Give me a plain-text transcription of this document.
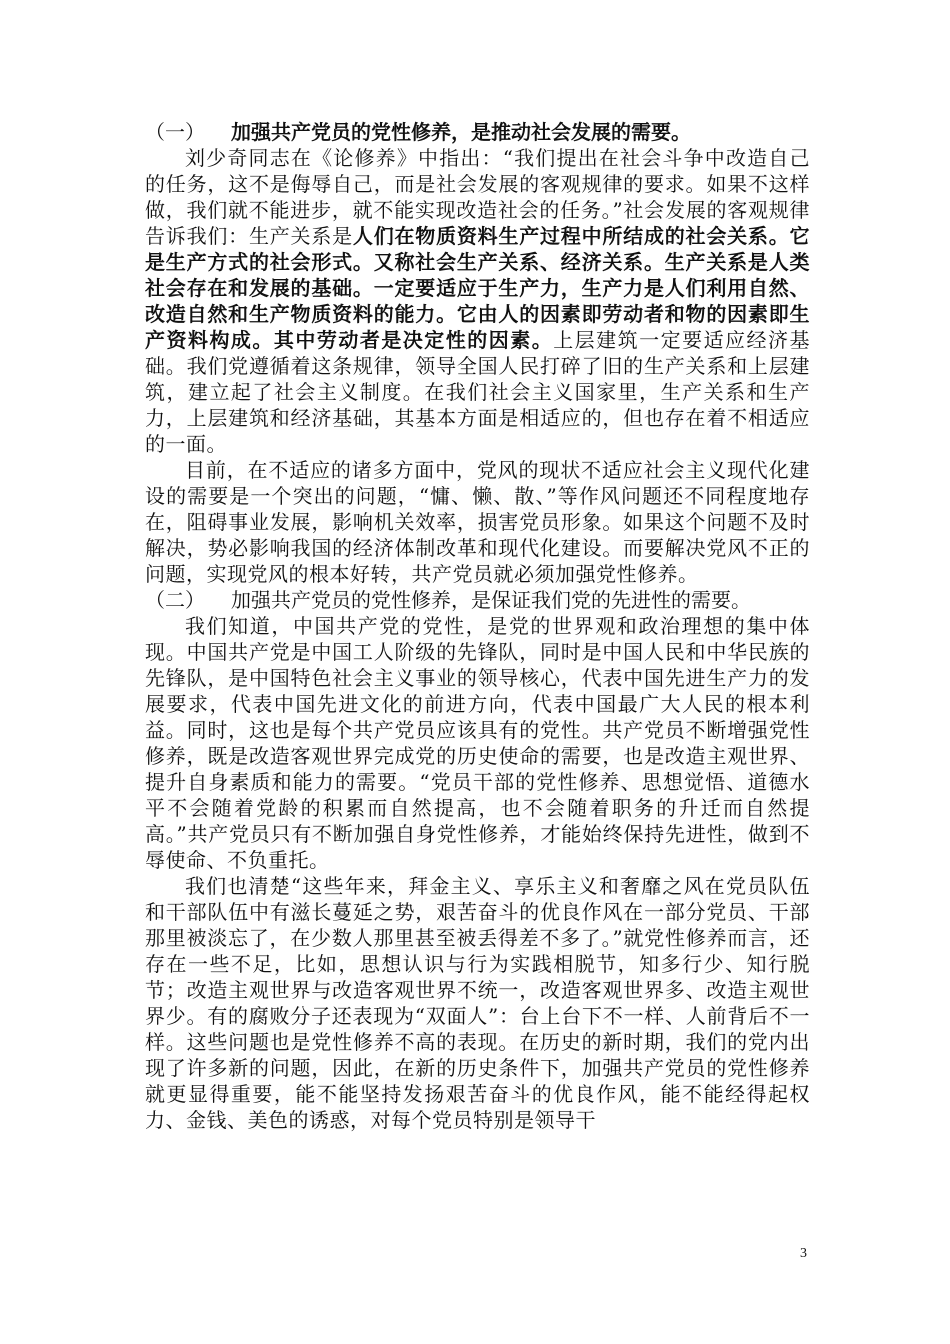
（一）	加强共产党员的党性修养，是推动社会发展的需要。

刘少奇同志在《论修养》中指出：“我们提出在社会斗争中改造自己的任务，这不是侮辱自己，而是社会发展的客观规律的要求。如果不这样做，我们就不能进步，就不能实现改造社会的任务。”社会发展的客观规律告诉我们：生产关系是人们在物质资料生产过程中所结成的社会关系。它是生产方式的社会形式。又称社会生产关系、经济关系。生产关系是人类社会存在和发展的基础。一定要适应于生产力，生产力是人们利用自然、改造自然和生产物质资料的能力。它由人的因素即劳动者和物的因素即生产资料构成。其中劳动者是决定性的因素。上层建筑一定要适应经济基础。我们党遵循着这条规律，领导全国人民打碎了旧的生产关系和上层建筑，建立起了社会主义制度。在我们社会主义国家里，生产关系和生产力，上层建筑和经济基础，其基本方面是相适应的，但也存在着不相适应的一面。

目前，在不适应的诸多方面中，党风的现状不适应社会主义现代化建设的需要是一个突出的问题，“慵、懒、散、”等作风问题还不同程度地存在，阻碍事业发展，影响机关效率，损害党员形象。如果这个问题不及时解决，势必影响我国的经济体制改革和现代化建设。而要解决党风不正的问题，实现党风的根本好转，共产党员就必须加强党性修养。

（二）	加强共产党员的党性修养，是保证我们党的先进性的需要。

我们知道，中国共产党的党性，是党的世界观和政治理想的集中体现。中国共产党是中国工人阶级的先锋队，同时是中国人民和中华民族的先锋队，是中国特色社会主义事业的领导核心，代表中国先进生产力的发展要求，代表中国先进文化的前进方向，代表中国最广大人民的根本利益。同时，这也是每个共产党员应该具有的党性。共产党员不断增强党性修养，既是改造客观世界完成党的历史使命的需要，也是改造主观世界、提升自身素质和能力的需要。“党员干部的党性修养、思想觉悟、道德水平不会随着党龄的积累而自然提高，也不会随着职务的升迁而自然提高。”共产党员只有不断加强自身党性修养，才能始终保持先进性，做到不辱使命、不负重托。

我们也清楚“这些年来，拜金主义、享乐主义和奢靡之风在党员队伍和干部队伍中有滋长蔓延之势，艰苦奋斗的优良作风在一部分党员、干部那里被淡忘了，在少数人那里甚至被丢得差不多了。”就党性修养而言，还存在一些不足，比如，思想认识与行为实践相脱节，知多行少、知行脱节；改造主观世界与改造客观世界不统一，改造客观世界多、改造主观世界少。有的腐败分子还表现为“双面人”：台上台下不一样、人前背后不一样。这些问题也是党性修养不高的表现。在历史的新时期，我们的党内出现了许多新的问题，因此，在新的历史条件下，加强共产党员的党性修养就更显得重要，能不能坚持发扬艰苦奋斗的优良作风，能不能经得起权力、金钱、美色的诱惑，对每个党员特别是领导干

3
